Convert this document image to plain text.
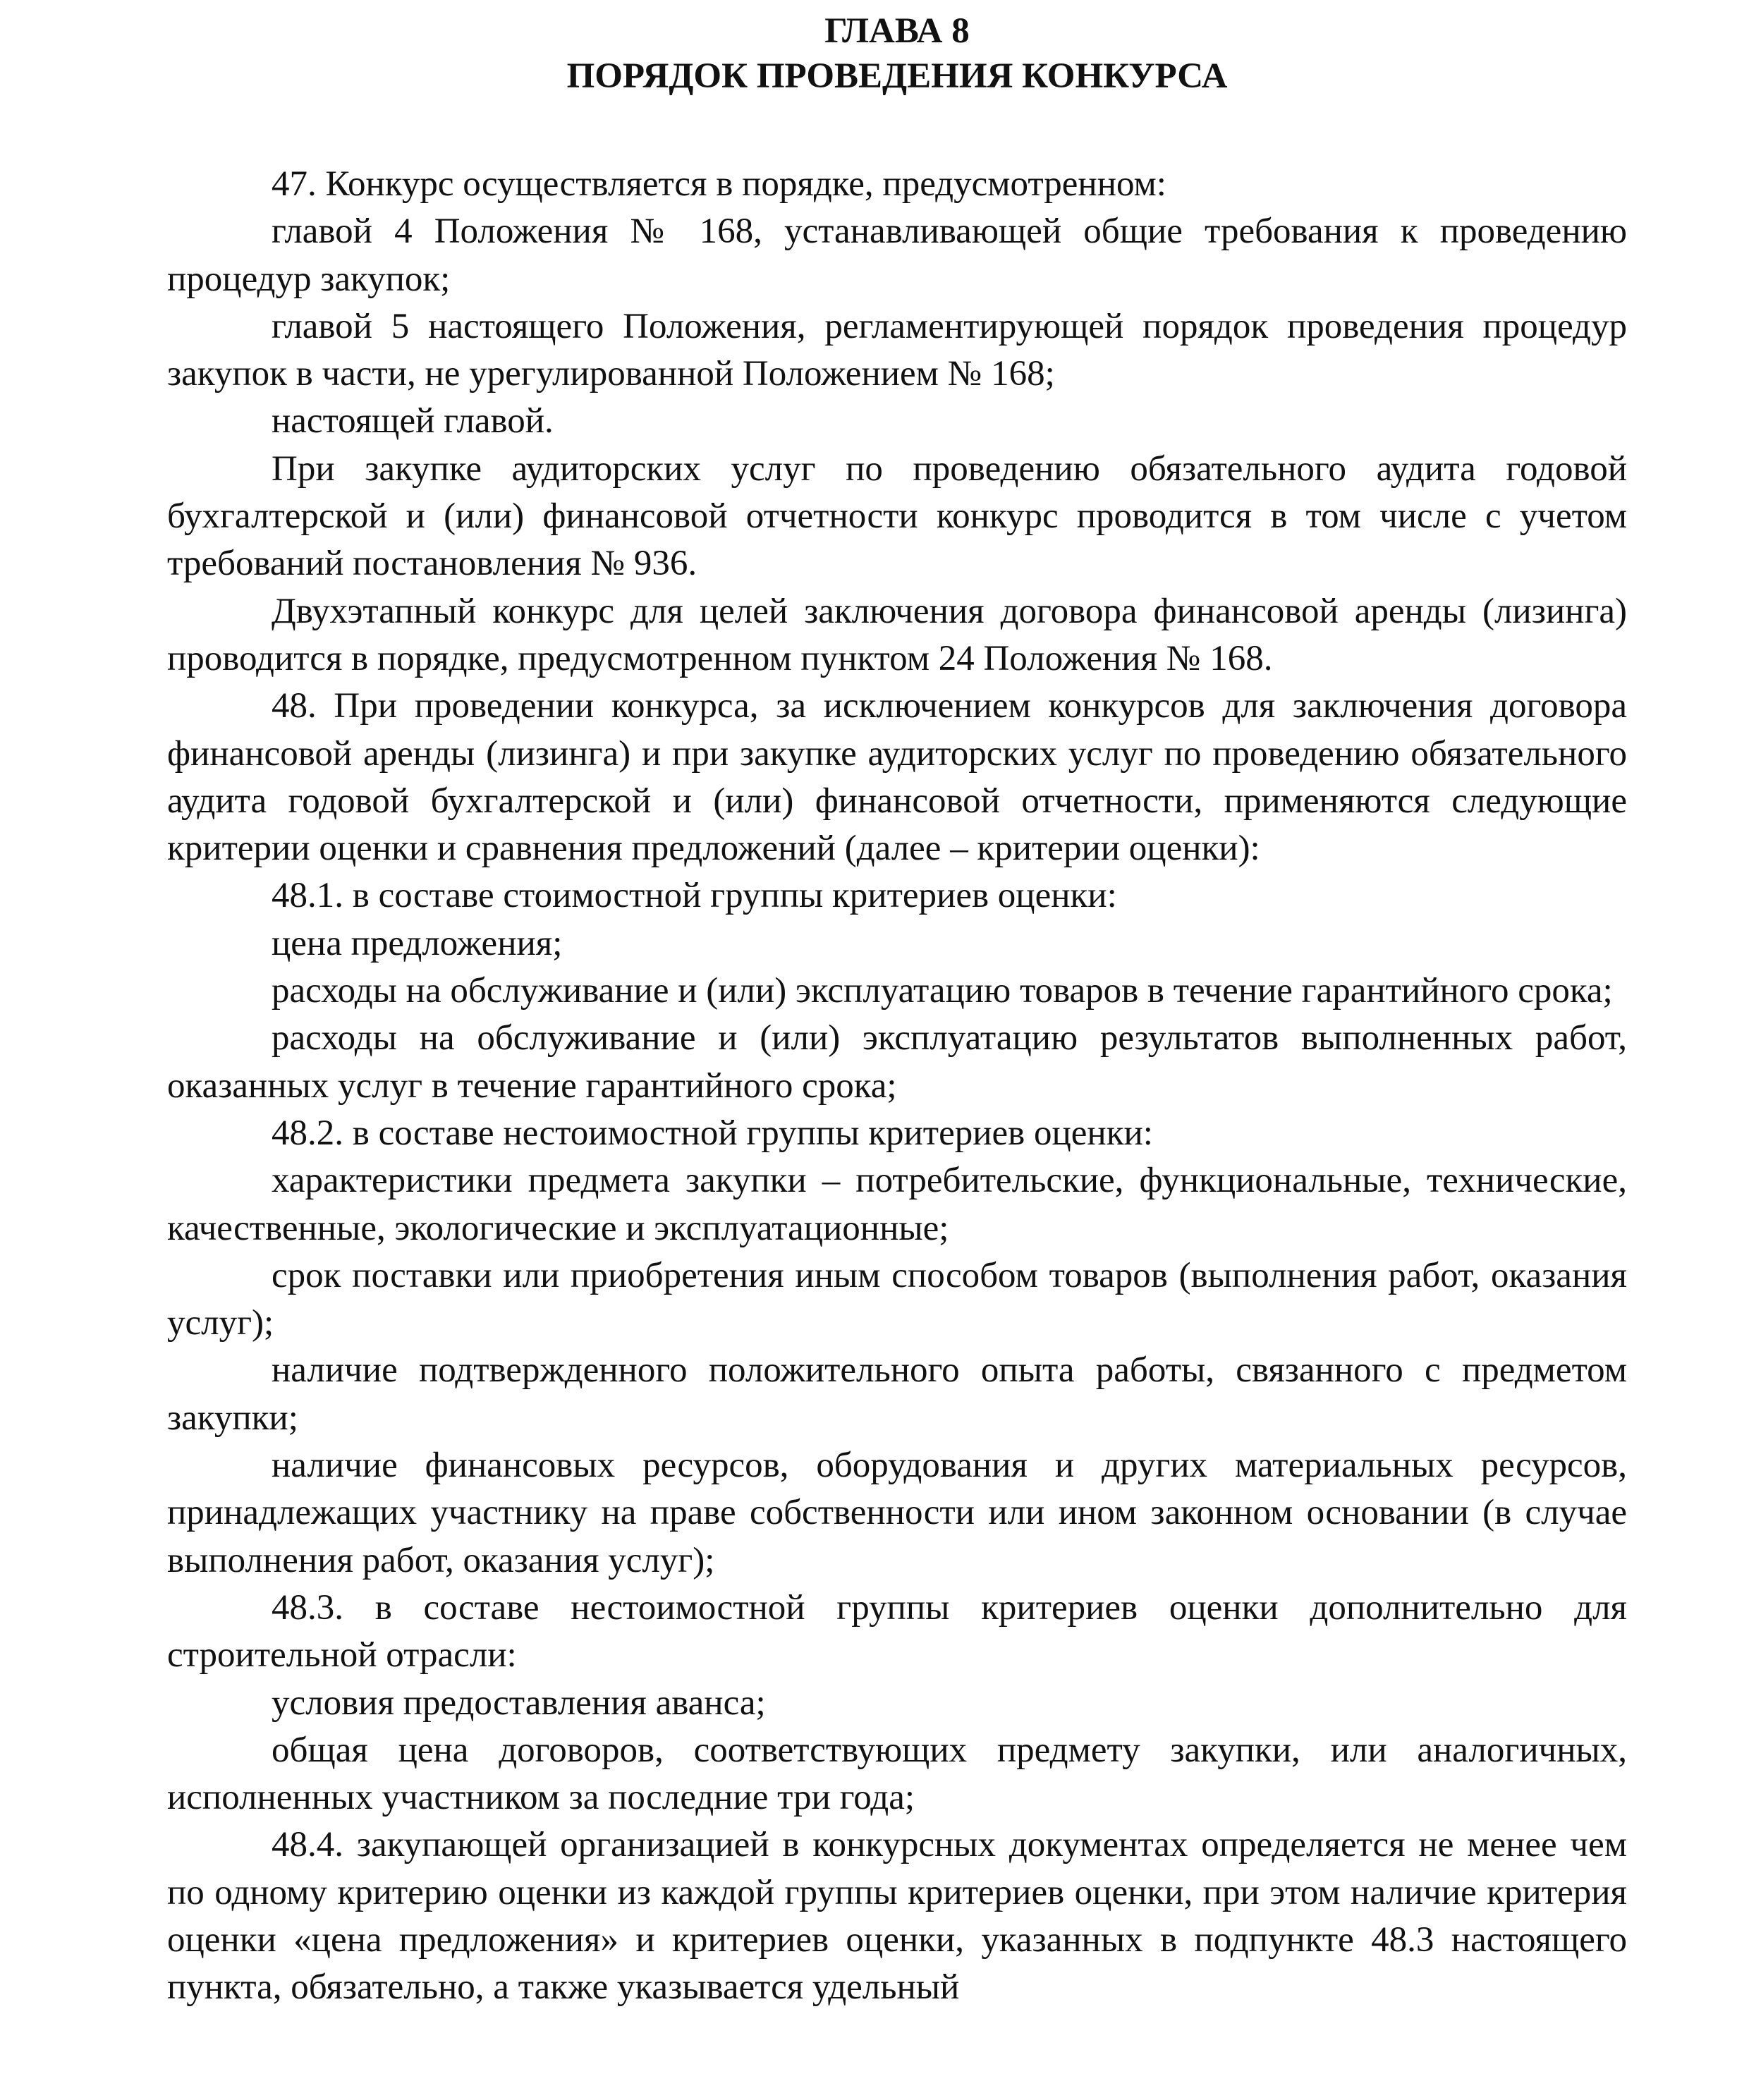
ГЛАВА 8

ПОРЯДОК ПРОВЕДЕНИЯ КОНКУРСА

47. Конкурс осуществляется в порядке, предусмотренном:

главой 4 Положения № 168, устанавливающей общие требования к проведению процедур закупок;

главой 5 настоящего Положения, регламентирующей порядок проведения процедур закупок в части, не урегулированной Положением № 168;

настоящей главой.

При закупке аудиторских услуг по проведению обязательного аудита годовой бухгалтерской и (или) финансовой отчетности конкурс проводится в том числе с учетом требований постановления № 936.

Двухэтапный конкурс для целей заключения договора финансовой аренды (лизинга) проводится в порядке, предусмотренном пунктом 24 Положения № 168.

48. При проведении конкурса, за исключением конкурсов для заключения договора финансовой аренды (лизинга) и при закупке аудиторских услуг по проведению обязательного аудита годовой бухгалтерской и (или) финансовой отчетности, применяются следующие критерии оценки и сравнения предложений (далее – критерии оценки):

48.1. в составе стоимостной группы критериев оценки:

цена предложения;

расходы на обслуживание и (или) эксплуатацию товаров в течение гарантийного срока;

расходы на обслуживание и (или) эксплуатацию результатов выполненных работ, оказанных услуг в течение гарантийного срока;

48.2. в составе нестоимостной группы критериев оценки:

характеристики предмета закупки – потребительские, функциональные, технические, качественные, экологические и эксплуатационные;

срок поставки или приобретения иным способом товаров (выполнения работ, оказания услуг);

наличие подтвержденного положительного опыта работы, связанного с предметом закупки;

наличие финансовых ресурсов, оборудования и других материальных ресурсов, принадлежащих участнику на праве собственности или ином законном основании (в случае выполнения работ, оказания услуг);

48.3. в составе нестоимостной группы критериев оценки дополнительно для строительной отрасли:

условия предоставления аванса;

общая цена договоров, соответствующих предмету закупки, или аналогичных, исполненных участником за последние три года;

48.4. закупающей организацией в конкурсных документах определяется не менее чем по одному критерию оценки из каждой группы критериев оценки, при этом наличие критерия оценки «цена предложения» и критериев оценки, указанных в подпункте 48.3 настоящего пункта, обязательно, а также указывается удельный
